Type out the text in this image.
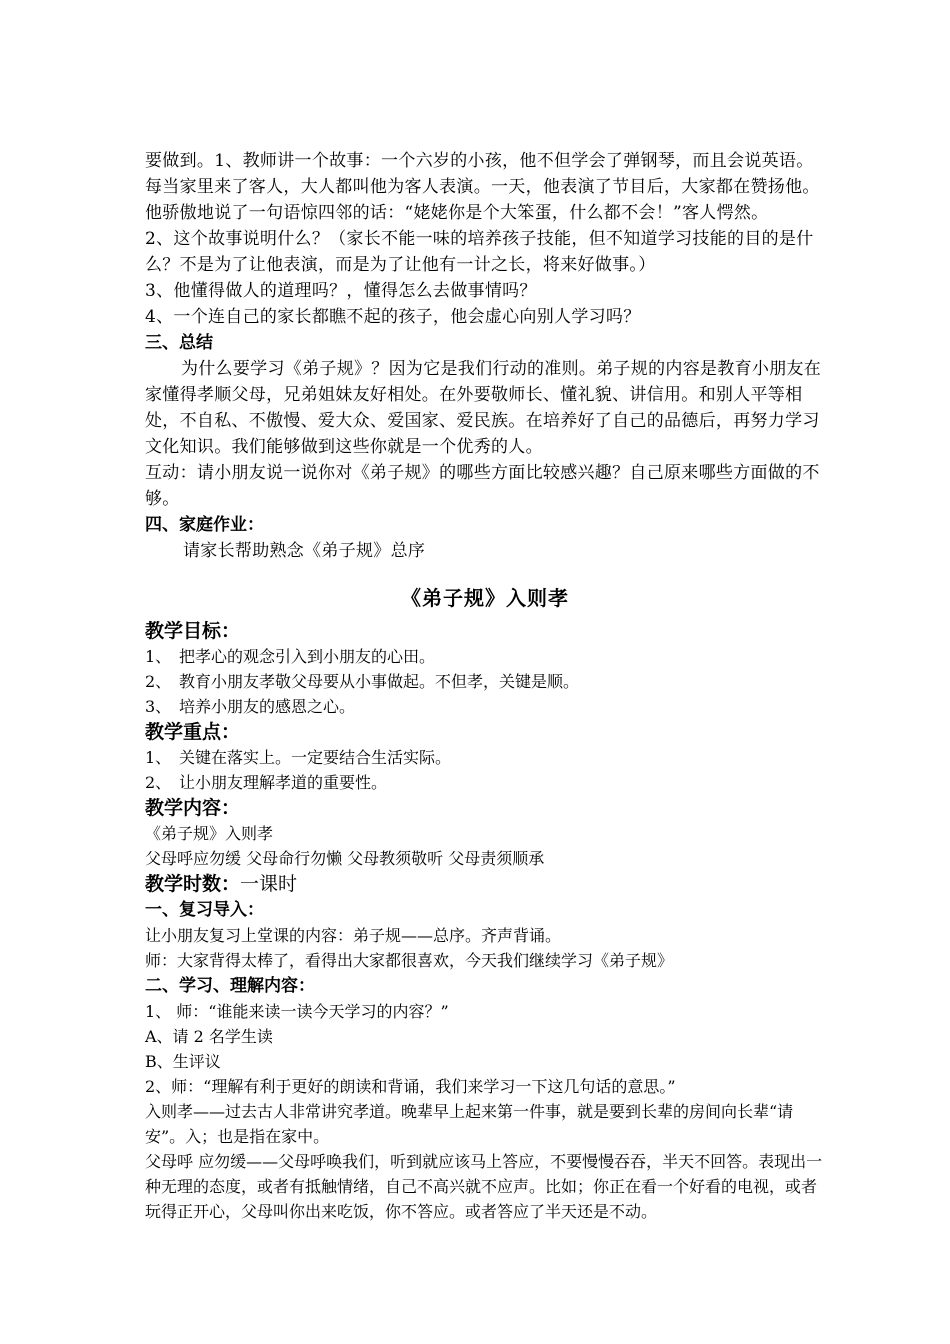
要做到。1、教师讲一个故事：一个六岁的小孩，他不但学会了弹钢琴，而且会说英语。每当家里来了客人，大人都叫他为客人表演。一天，他表演了节目后，大家都在赞扬他。他骄傲地说了一句语惊四邻的话：“姥姥你是个大笨蛋，什么都不会！”客人愕然。

2、这个故事说明什么？（家长不能一味的培养孩子技能，但不知道学习技能的目的是什么？不是为了让他表演，而是为了让他有一计之长，将来好做事。）

3、他懂得做人的道理吗？，懂得怎么去做事情吗？

4、一个连自己的家长都瞧不起的孩子，他会虚心向别人学习吗？

三、总结

为什么要学习《弟子规》？因为它是我们行动的准则。弟子规的内容是教育小朋友在家懂得孝顺父母，兄弟姐妹友好相处。在外要敬师长、懂礼貌、讲信用。和别人平等相处，不自私、不傲慢、爱大众、爱国家、爱民族。在培养好了自己的品德后，再努力学习文化知识。我们能够做到这些你就是一个优秀的人。

互动：请小朋友说一说你对《弟子规》的哪些方面比较感兴趣？自己原来哪些方面做的不够。

四、家庭作业：

请家长帮助熟念《弟子规》总序

《弟子规》入则孝

教学目标：

1、 把孝心的观念引入到小朋友的心田。

2、 教育小朋友孝敬父母要从小事做起。不但孝，关键是顺。

3、 培养小朋友的感恩之心。

教学重点：

1、 关键在落实上。一定要结合生活实际。

2、 让小朋友理解孝道的重要性。

教学内容：

《弟子规》入则孝

父母呼应勿缓 父母命行勿懒 父母教须敬听 父母责须顺承

教学时数：一课时

一、复习导入：

让小朋友复习上堂课的内容：弟子规——总序。齐声背诵。

师：大家背得太棒了，看得出大家都很喜欢，今天我们继续学习《弟子规》

二、学习、理解内容：

1、 师：“谁能来读一读今天学习的内容？”

A、请 2 名学生读

B、生评议

2、师：“理解有利于更好的朗读和背诵，我们来学习一下这几句话的意思。”

入则孝——过去古人非常讲究孝道。晚辈早上起来第一件事，就是要到长辈的房间向长辈“请安”。入；也是指在家中。

父母呼 应勿缓——父母呼唤我们，听到就应该马上答应，不要慢慢吞吞，半天不回答。表现出一种无理的态度，或者有抵触情绪，自己不高兴就不应声。比如；你正在看一个好看的电视，或者玩得正开心，父母叫你出来吃饭，你不答应。或者答应了半天还是不动。
